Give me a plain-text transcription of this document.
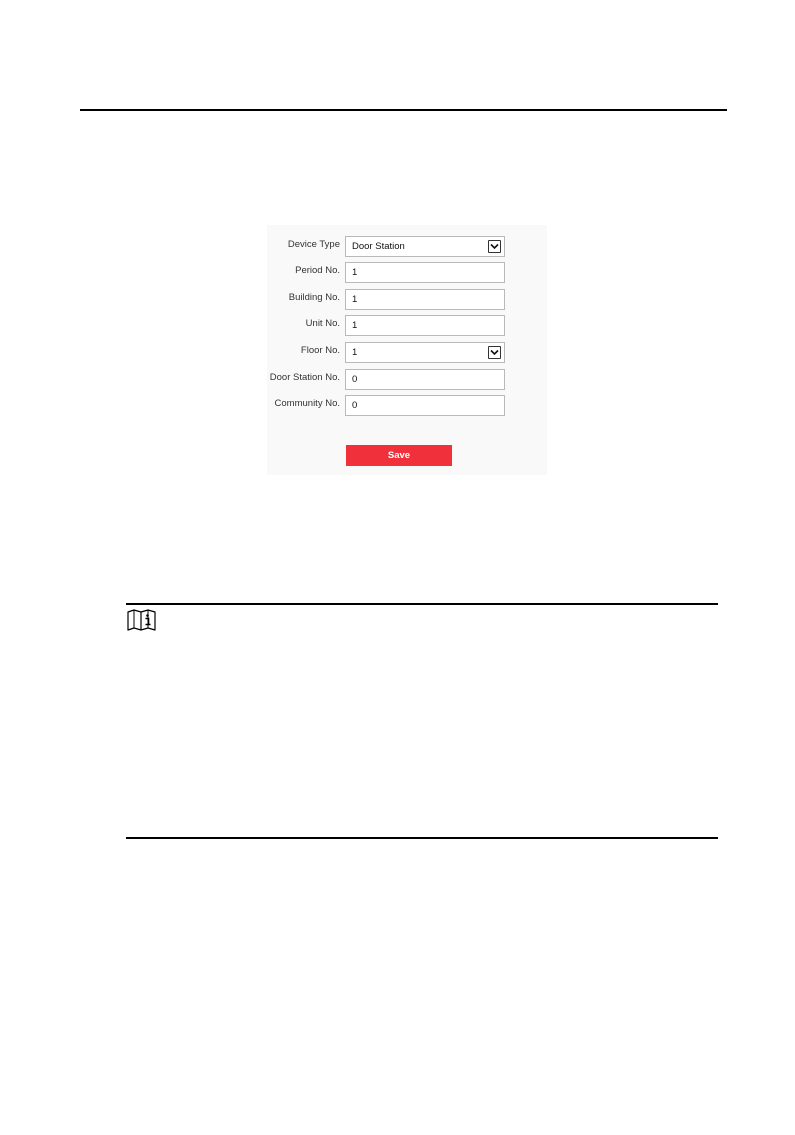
Device Type Door Station
Period No. 1
Building No. 1
Unit No. 1
Floor No. 1
Door Station No. 0
Community No. 0
Save
